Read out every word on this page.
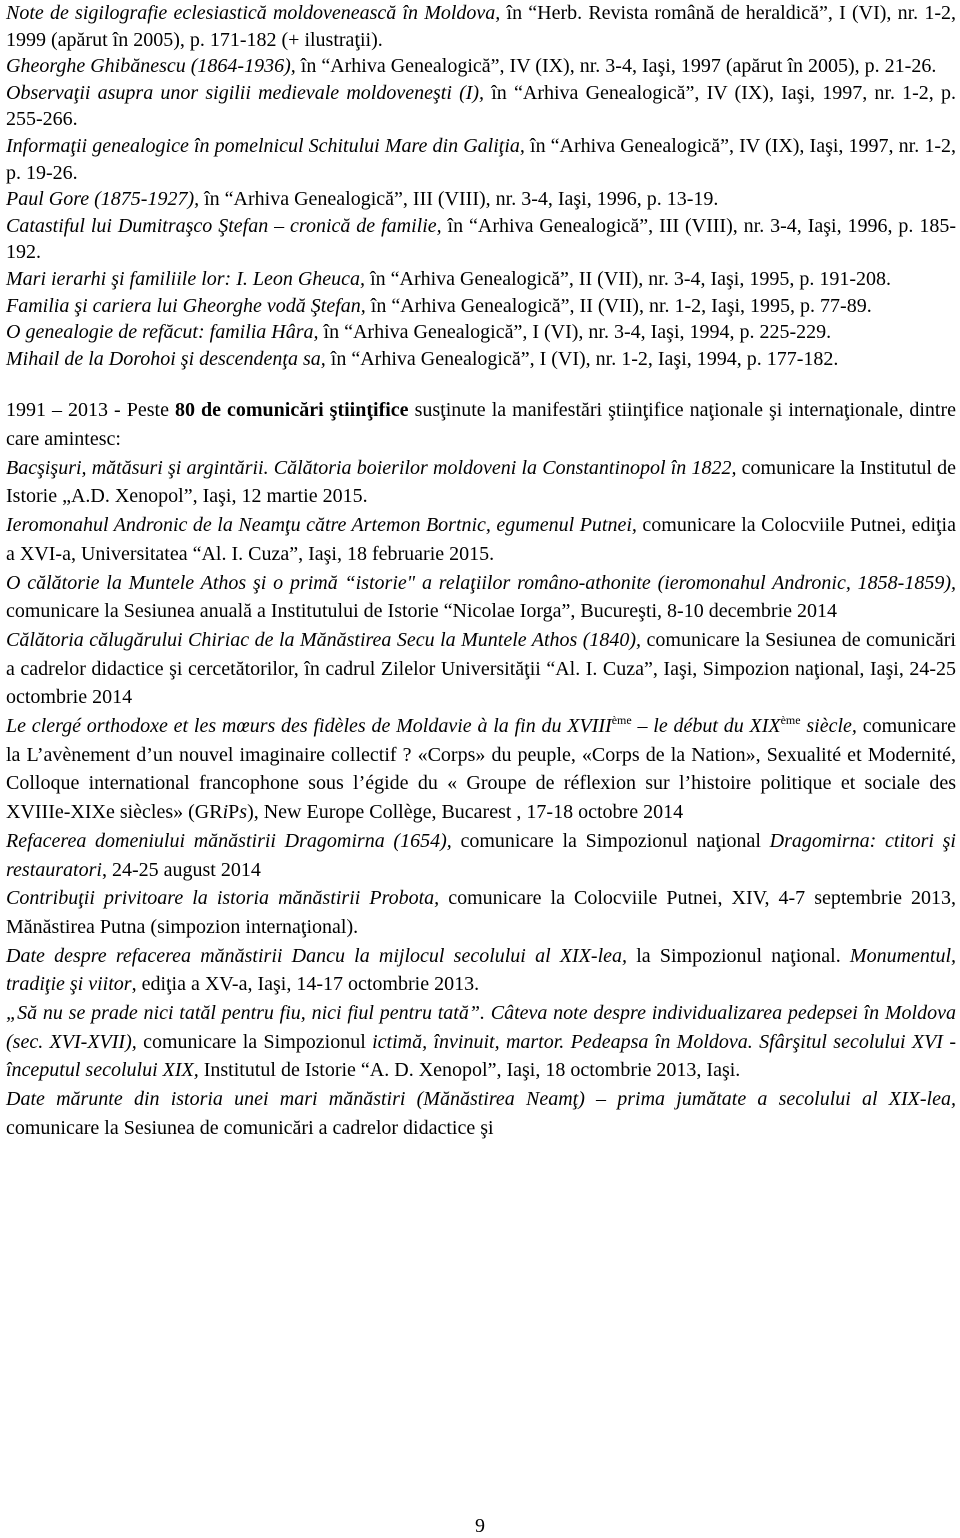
Note de sigilografie eclesiastică moldovenească în Moldova, în “Herb. Revista română de heraldică”, I (VI), nr. 1-2, 1999 (apărut în 2005), p. 171-182 (+ ilustraţii).

Gheorghe Ghibănescu (1864-1936), în “Arhiva Genealogică”, IV (IX), nr. 3-4, Iaşi, 1997 (apărut în 2005), p. 21-26.

Observaţii asupra unor sigilii medievale moldoveneşti (I), în “Arhiva Genealogică”, IV (IX), Iaşi, 1997, nr. 1-2, p. 255-266.

Informaţii genealogice în pomelnicul Schitului Mare din Galiţia, în “Arhiva Genealogică”, IV (IX), Iaşi, 1997, nr. 1-2, p. 19-26.

Paul Gore (1875-1927), în “Arhiva Genealogică”, III (VIII), nr. 3-4, Iaşi, 1996, p. 13-19.

Catastiful lui Dumitraşco Ştefan – cronică de familie, în “Arhiva Genealogică”, III (VIII), nr. 3-4, Iaşi, 1996, p. 185-192.

Mari ierarhi şi familiile lor: I. Leon Gheuca, în “Arhiva Genealogică”, II (VII), nr. 3-4, Iaşi, 1995, p. 191-208.

Familia şi cariera lui Gheorghe vodă Ştefan, în “Arhiva Genealogică”, II (VII), nr. 1-2, Iaşi, 1995, p. 77-89.

O genealogie de refăcut: familia Hâra, în “Arhiva Genealogică”, I (VI), nr. 3-4, Iaşi, 1994, p. 225-229.

Mihail de la Dorohoi şi descendenţa sa, în “Arhiva Genealogică”, I (VI), nr. 1-2, Iaşi, 1994, p. 177-182.

1991 – 2013 - Peste 80 de comunicări ştiinţifice susţinute la manifestări ştiinţifice naţionale şi internaţionale, dintre care amintesc:

Bacşişuri, mătăsuri şi argintării. Călătoria boierilor moldoveni la Constantinopol în 1822, comunicare la Institutul de Istorie „A.D. Xenopol”, Iaşi, 12 martie 2015.

Ieromonahul Andronic de la Neamţu către Artemon Bortnic, egumenul Putnei, comunicare la Colocviile Putnei, ediţia a XVI-a, Universitatea “Al. I. Cuza”, Iaşi, 18 februarie 2015.

O călătorie la Muntele Athos şi o primă “istorie" a relaţiilor româno-athonite (ieromonahul Andronic, 1858-1859), comunicare la Sesiunea anuală a Institutului de Istorie “Nicolae Iorga”, Bucureşti, 8-10 decembrie 2014

Călătoria călugărului Chiriac de la Mănăstirea Secu la Muntele Athos (1840), comunicare la Sesiunea de comunicări a cadrelor didactice şi cercetătorilor, în cadrul Zilelor Universităţii “Al. I. Cuza”, Iaşi, Simpozion naţional, Iaşi, 24-25 octombrie 2014

Le clergé orthodoxe et les mœurs des fidèles de Moldavie à la fin du XVIIIème – le début du XIXème siècle, comunicare la L’avènement d’un nouvel imaginaire collectif ? «Corps» du peuple, «Corps de la Nation», Sexualité et Modernité, Colloque international francophone sous l’égide du « Groupe de réflexion sur l’histoire politique et sociale des XVIIIe-XIXe siècles» (GRiPs), New Europe Collège, Bucarest , 17-18 octobre 2014

Refacerea domeniului mănăstirii Dragomirna (1654), comunicare la Simpozionul naţional Dragomirna: ctitori şi restauratori, 24-25 august 2014

Contribuţii privitoare la istoria mănăstirii Probota, comunicare la Colocviile Putnei, XIV, 4-7 septembrie 2013, Mănăstirea Putna (simpozion internaţional).

Date despre refacerea mănăstirii Dancu la mijlocul secolului al XIX-lea, la Simpozionul naţional. Monumentul, tradiţie şi viitor, ediţia a XV-a, Iaşi, 14-17 octombrie 2013.

„Să nu se prade nici tatăl pentru fiu, nici fiul pentru tată”. Câteva note despre individualizarea pedepsei în Moldova (sec. XVI-XVII), comunicare la Simpozionul ictimă, învinuit, martor. Pedeapsa în Moldova. Sfârşitul secolului XVI - începutul secolului XIX, Institutul de Istorie “A. D. Xenopol”, Iaşi, 18 octombrie 2013, Iaşi.

Date mărunte din istoria unei mari mănăstiri (Mănăstirea Neamţ) – prima jumătate a secolului al XIX-lea, comunicare la Sesiunea de comunicări a cadrelor didactice şi

9
